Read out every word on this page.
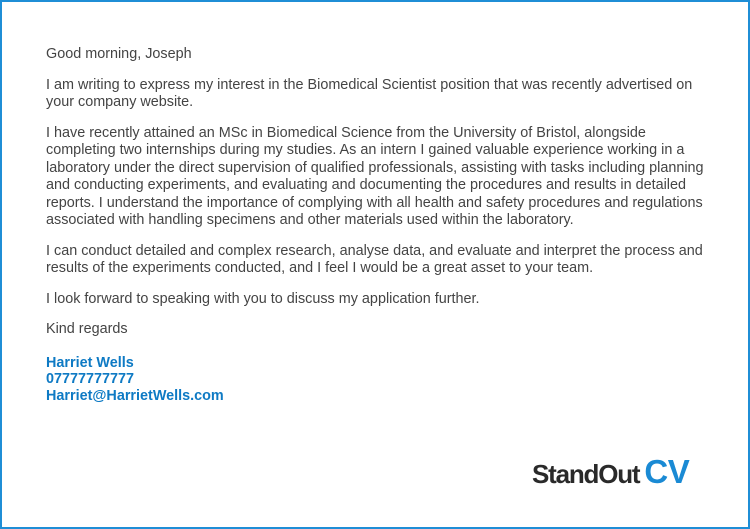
Good morning, Joseph

I am writing to express my interest in the Biomedical Scientist position that was recently advertised on your company website.

I have recently attained an MSc in Biomedical Science from the University of Bristol, alongside completing two internships during my studies. As an intern I gained valuable experience working in a laboratory under the direct supervision of qualified professionals, assisting with tasks including planning and conducting experiments, and evaluating and documenting the procedures and results in detailed reports. I understand the importance of complying with all health and safety procedures and regulations associated with handling specimens and other materials used within the laboratory.

I can conduct detailed and complex research, analyse data, and evaluate and interpret the process and results of the experiments conducted, and I feel I would be a great asset to your team.

I look forward to speaking with you to discuss my application further.

Kind regards

Harriet Wells
07777777777
Harriet@HarrietWells.com
StandOut CV
